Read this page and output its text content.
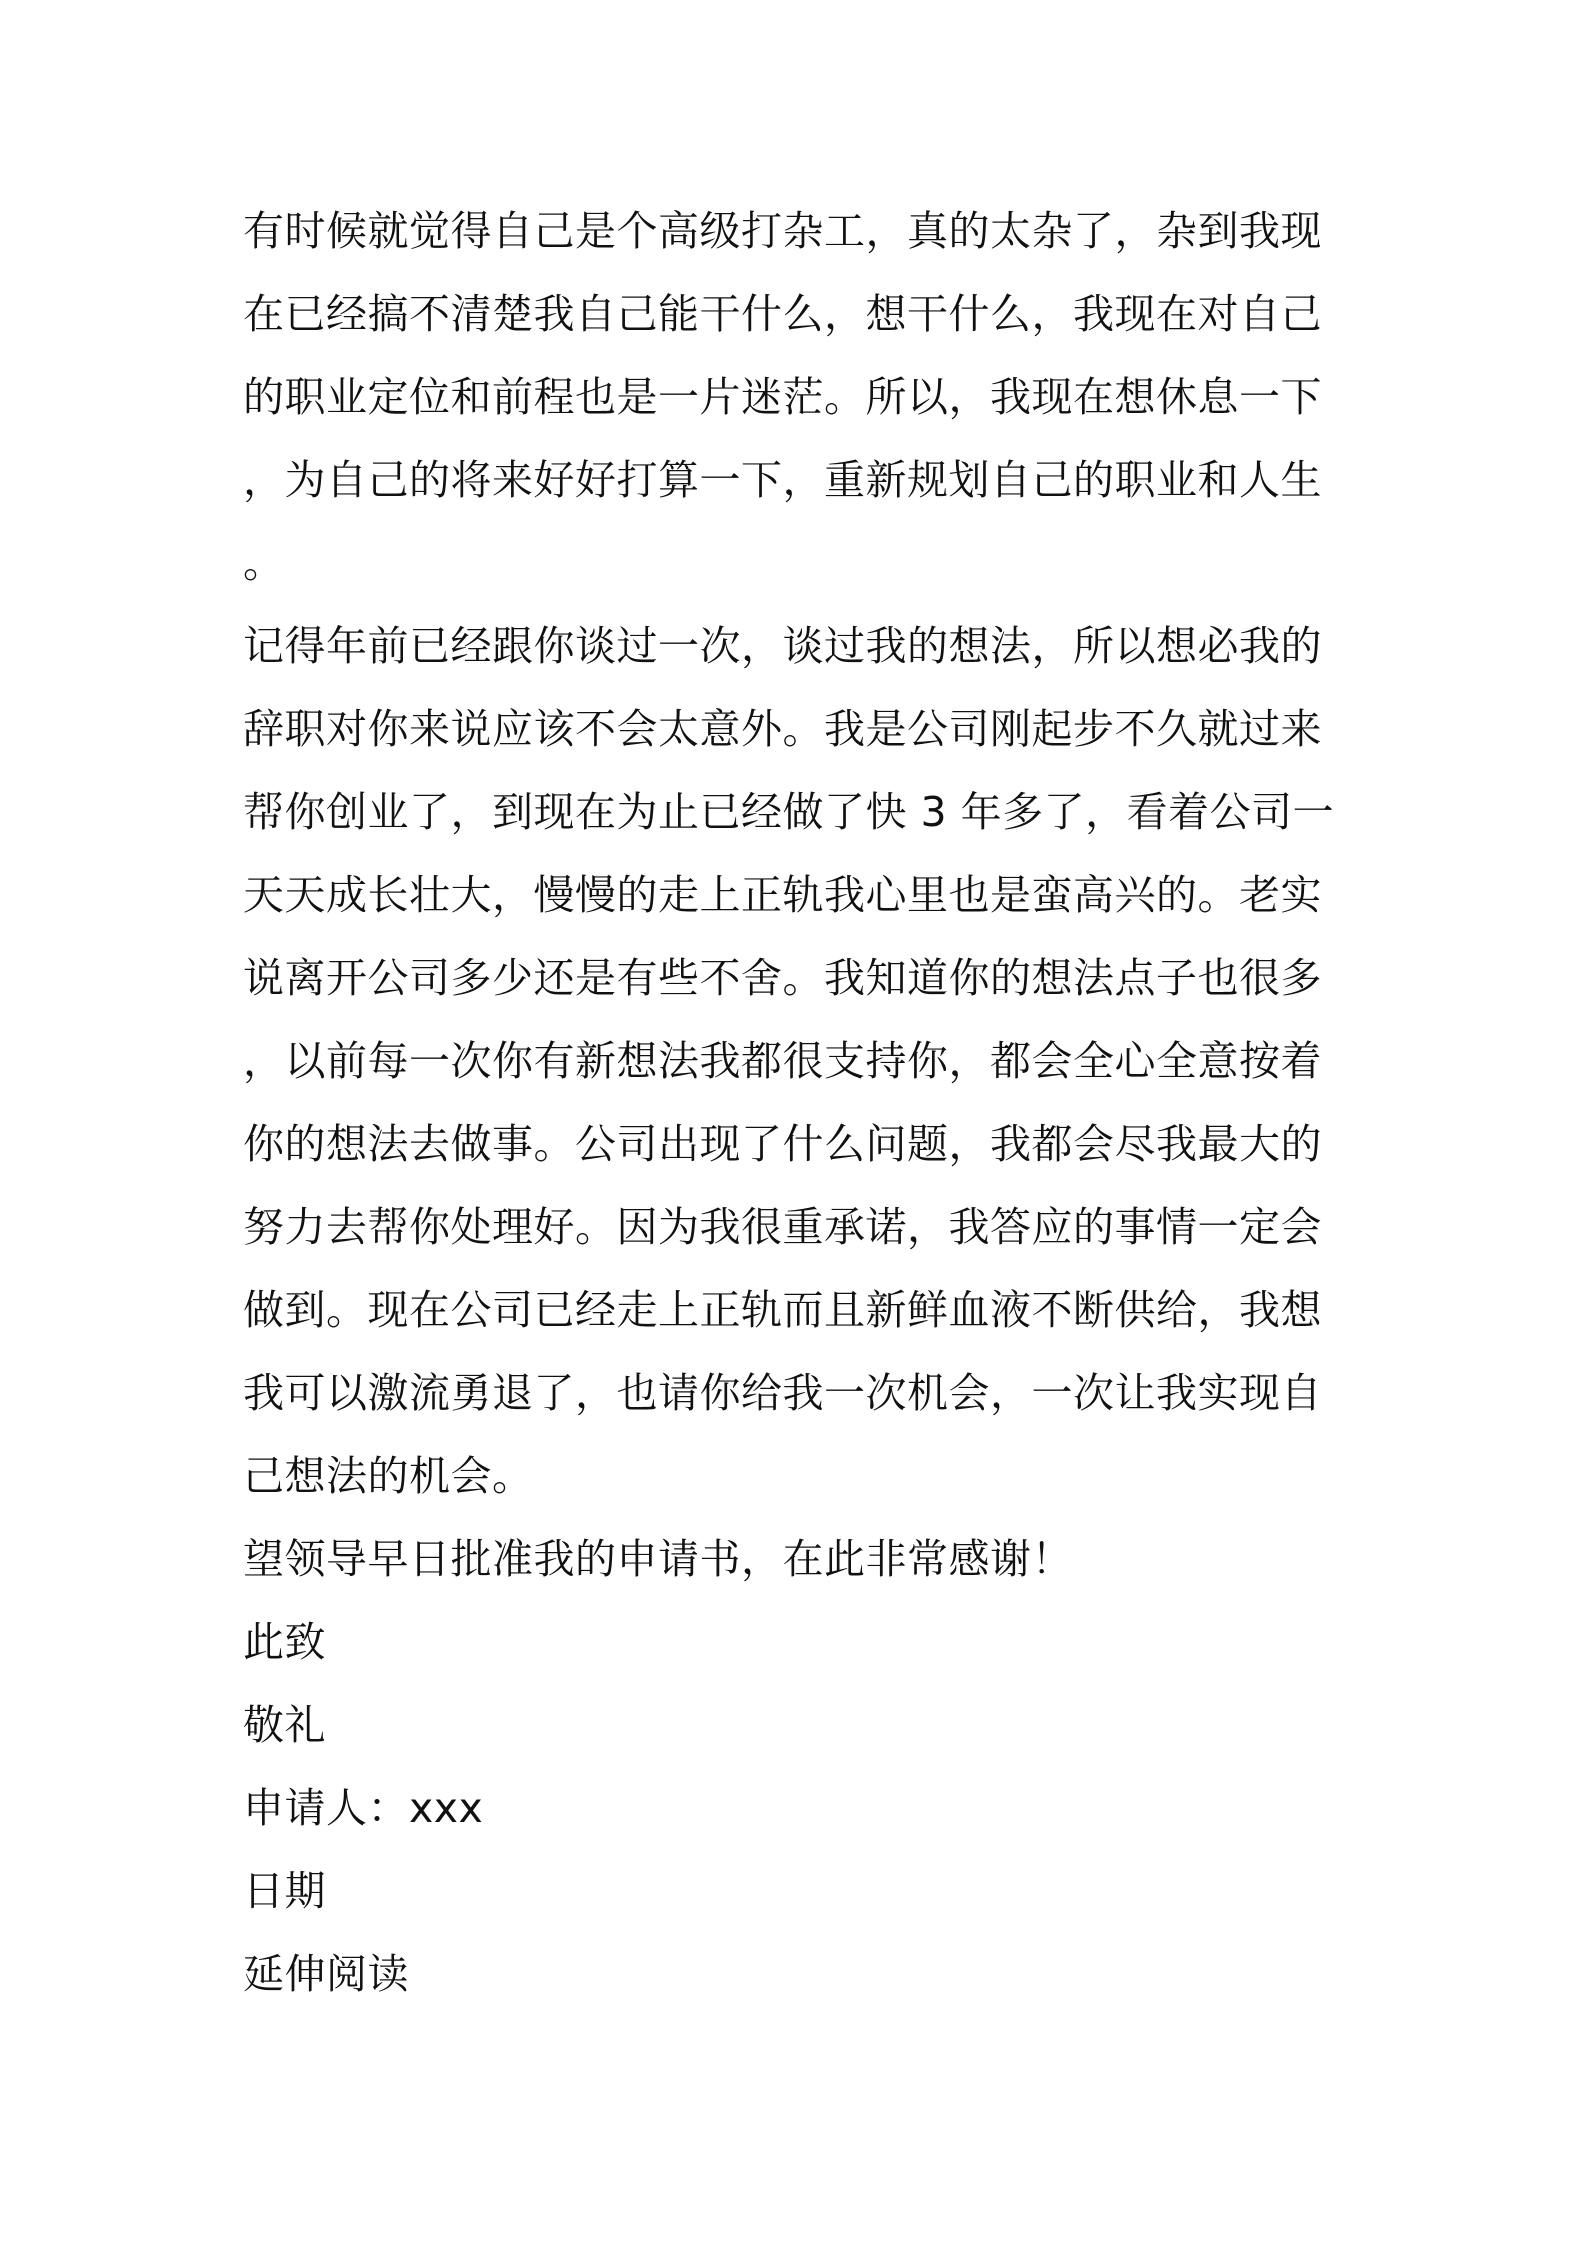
有时候就觉得自己是个高级打杂工，真的太杂了，杂到我现
在已经搞不清楚我自己能干什么，想干什么，我现在对自己
的职业定位和前程也是一片迷茫。所以，我现在想休息一下
，为自己的将来好好打算一下，重新规划自己的职业和人生
。
记得年前已经跟你谈过一次，谈过我的想法，所以想必我的
辞职对你来说应该不会太意外。我是公司刚起步不久就过来
帮你创业了，到现在为止已经做了快 3 年多了，看着公司一
天天成长壮大，慢慢的走上正轨我心里也是蛮高兴的。老实
说离开公司多少还是有些不舍。我知道你的想法点子也很多
，以前每一次你有新想法我都很支持你，都会全心全意按着
你的想法去做事。公司出现了什么问题，我都会尽我最大的
努力去帮你处理好。因为我很重承诺，我答应的事情一定会
做到。现在公司已经走上正轨而且新鲜血液不断供给，我想
我可以激流勇退了，也请你给我一次机会，一次让我实现自
己想法的机会。
望领导早日批准我的申请书，在此非常感谢！
此致
敬礼
申请人：xxx
日期
延伸阅读
